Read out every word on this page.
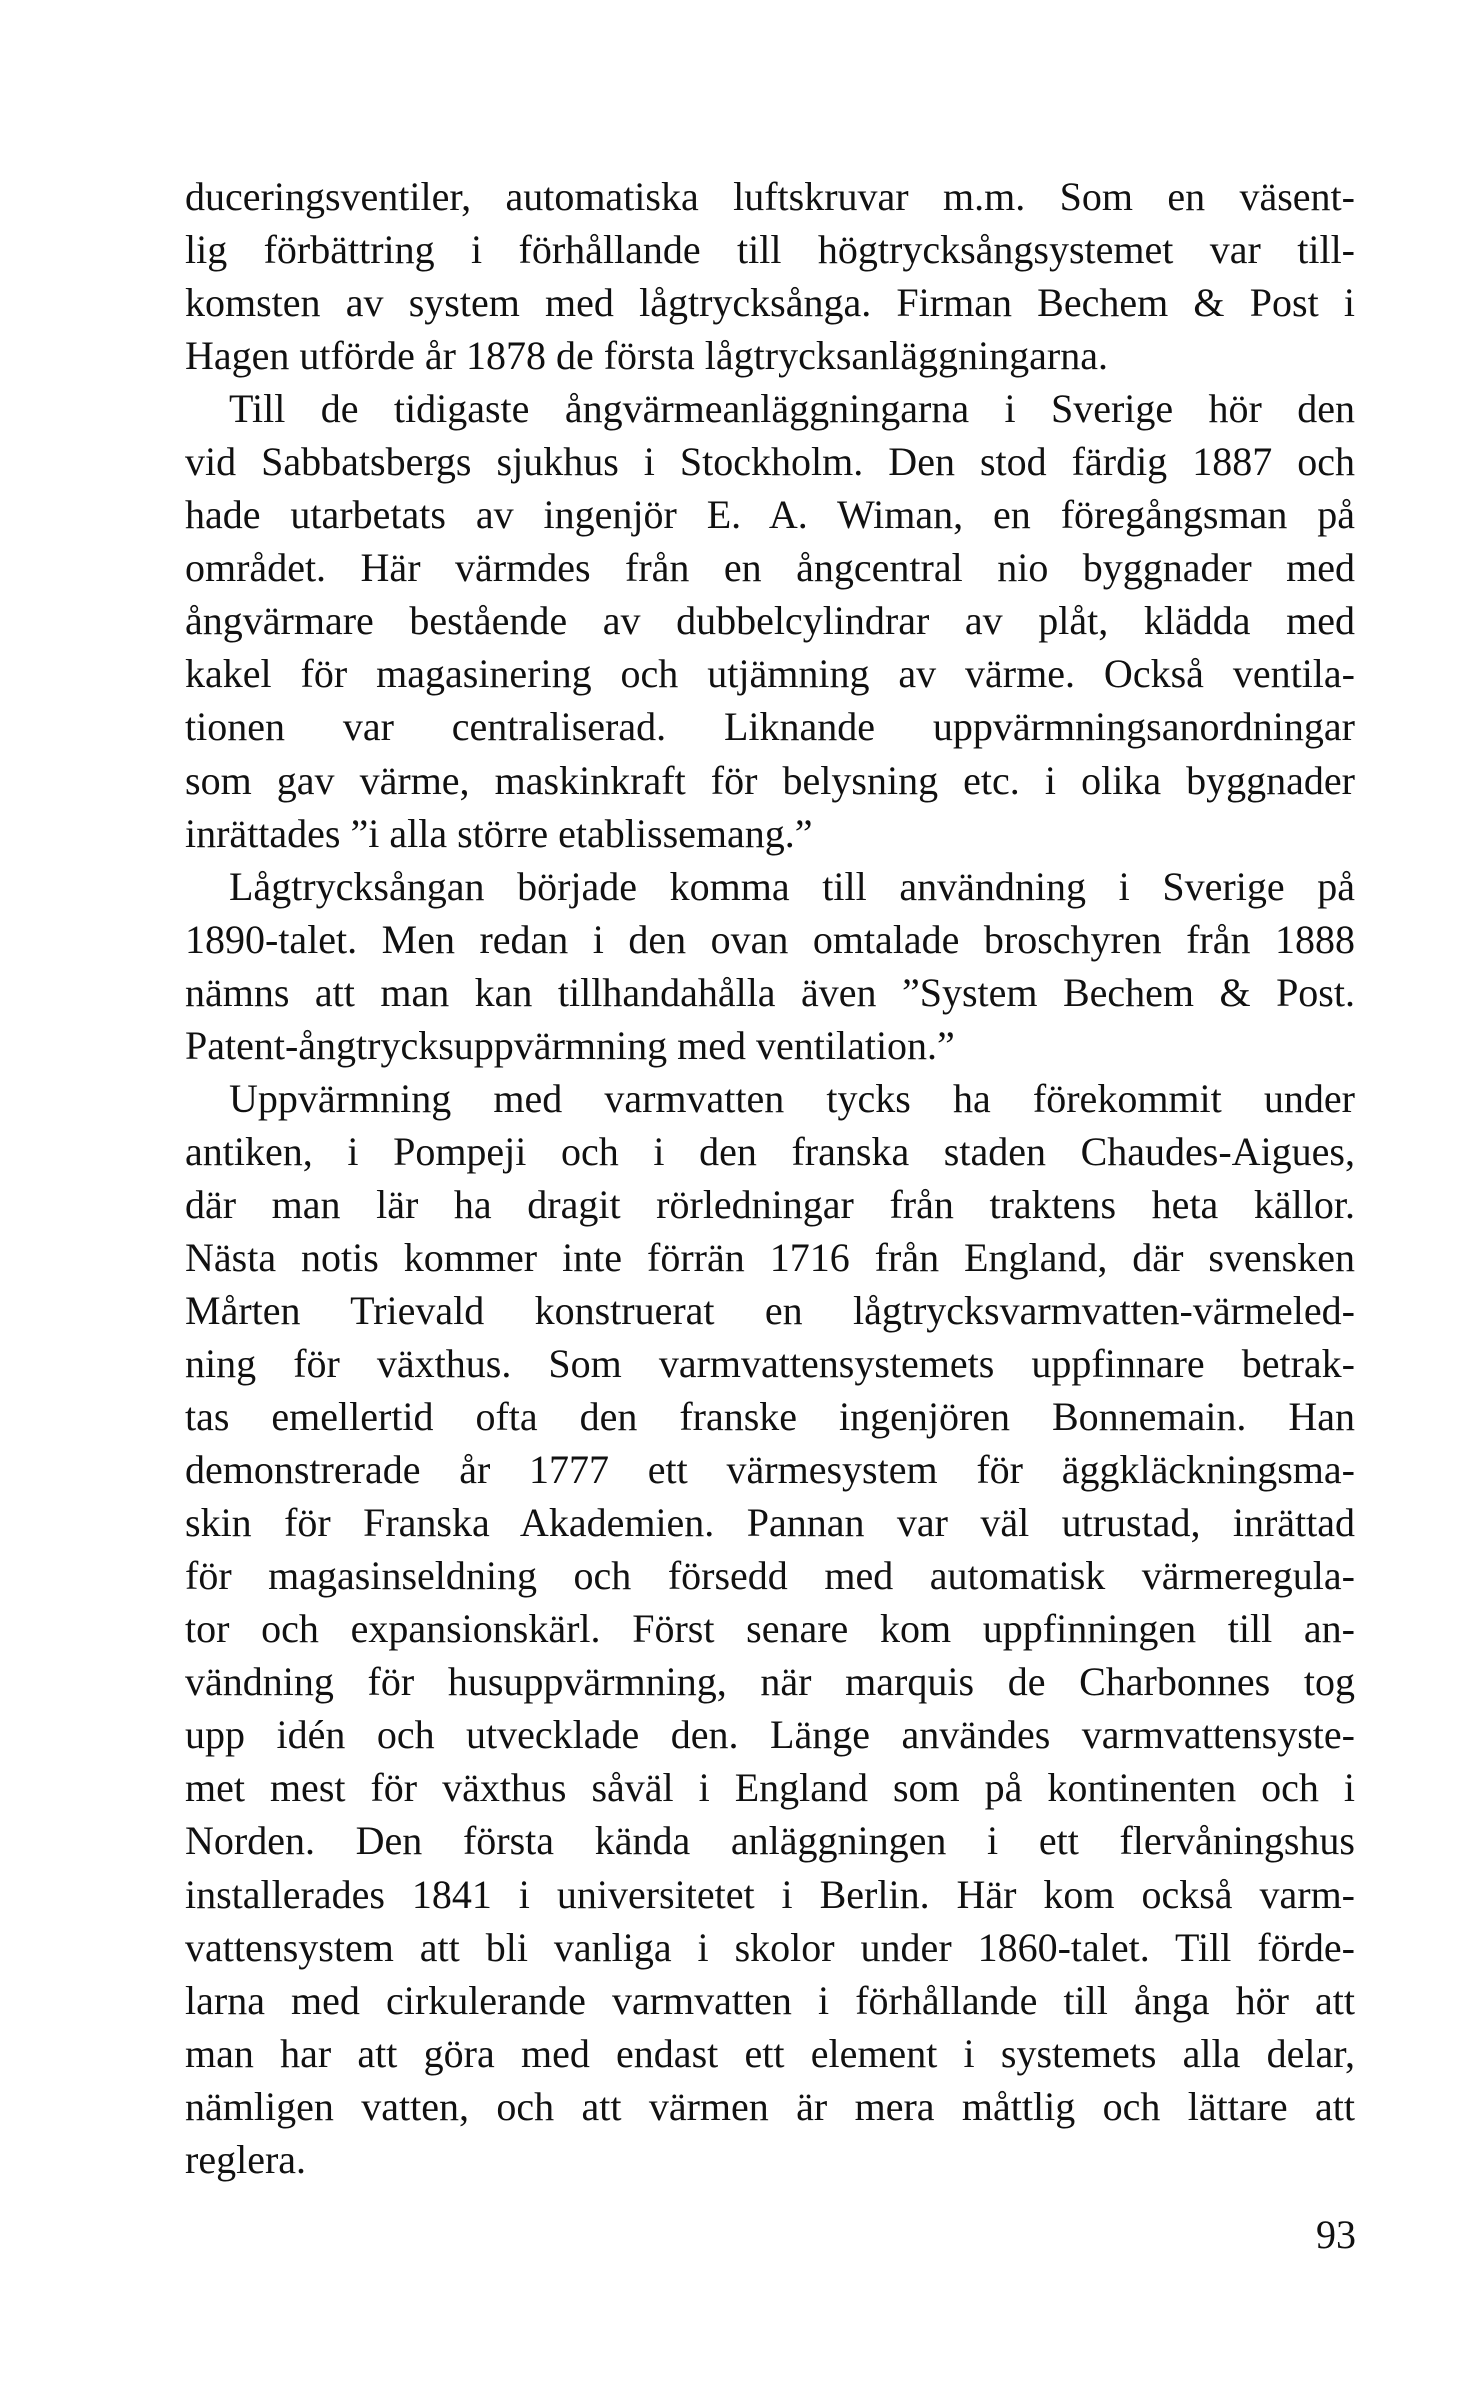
duceringsventiler, automatiska luftskruvar m.m. Som en väsent-
lig förbättring i förhållande till högtrycksångsystemet var till-
komsten av system med lågtrycksånga. Firman Bechem & Post i
Hagen utförde år 1878 de första lågtrycksanläggningarna.
Till de tidigaste ångvärmeanläggningarna i Sverige hör den
vid Sabbatsbergs sjukhus i Stockholm. Den stod färdig 1887 och
hade utarbetats av ingenjör E. A. Wiman, en föregångsman på
området. Här värmdes från en ångcentral nio byggnader med
ångvärmare bestående av dubbelcylindrar av plåt, klädda med
kakel för magasinering och utjämning av värme. Också ventila-
tionen var centraliserad. Liknande uppvärmningsanordningar
som gav värme, maskinkraft för belysning etc. i olika byggnader
inrättades ”i alla större etablissemang.”
Lågtrycksångan började komma till användning i Sverige på
1890-talet. Men redan i den ovan omtalade broschyren från 1888
nämns att man kan tillhandahålla även ”System Bechem & Post.
Patent-ångtrycksuppvärmning med ventilation.”
Uppvärmning med varmvatten tycks ha förekommit under
antiken, i Pompeji och i den franska staden Chaudes-Aigues,
där man lär ha dragit rörledningar från traktens heta källor.
Nästa notis kommer inte förrän 1716 från England, där svensken
Mårten Trievald konstruerat en lågtrycksvarmvatten-värmeled-
ning för växthus. Som varmvattensystemets uppfinnare betrak-
tas emellertid ofta den franske ingenjören Bonnemain. Han
demonstrerade år 1777 ett värmesystem för äggkläckningsma-
skin för Franska Akademien. Pannan var väl utrustad, inrättad
för magasinseldning och försedd med automatisk värmeregula-
tor och expansionskärl. Först senare kom uppfinningen till an-
vändning för husuppvärmning, när marquis de Charbonnes tog
upp idén och utvecklade den. Länge användes varmvattensyste-
met mest för växthus såväl i England som på kontinenten och i
Norden. Den första kända anläggningen i ett flervåningshus
installerades 1841 i universitetet i Berlin. Här kom också varm-
vattensystem att bli vanliga i skolor under 1860-talet. Till förde-
larna med cirkulerande varmvatten i förhållande till ånga hör att
man har att göra med endast ett element i systemets alla delar,
nämligen vatten, och att värmen är mera måttlig och lättare att
reglera.
93
